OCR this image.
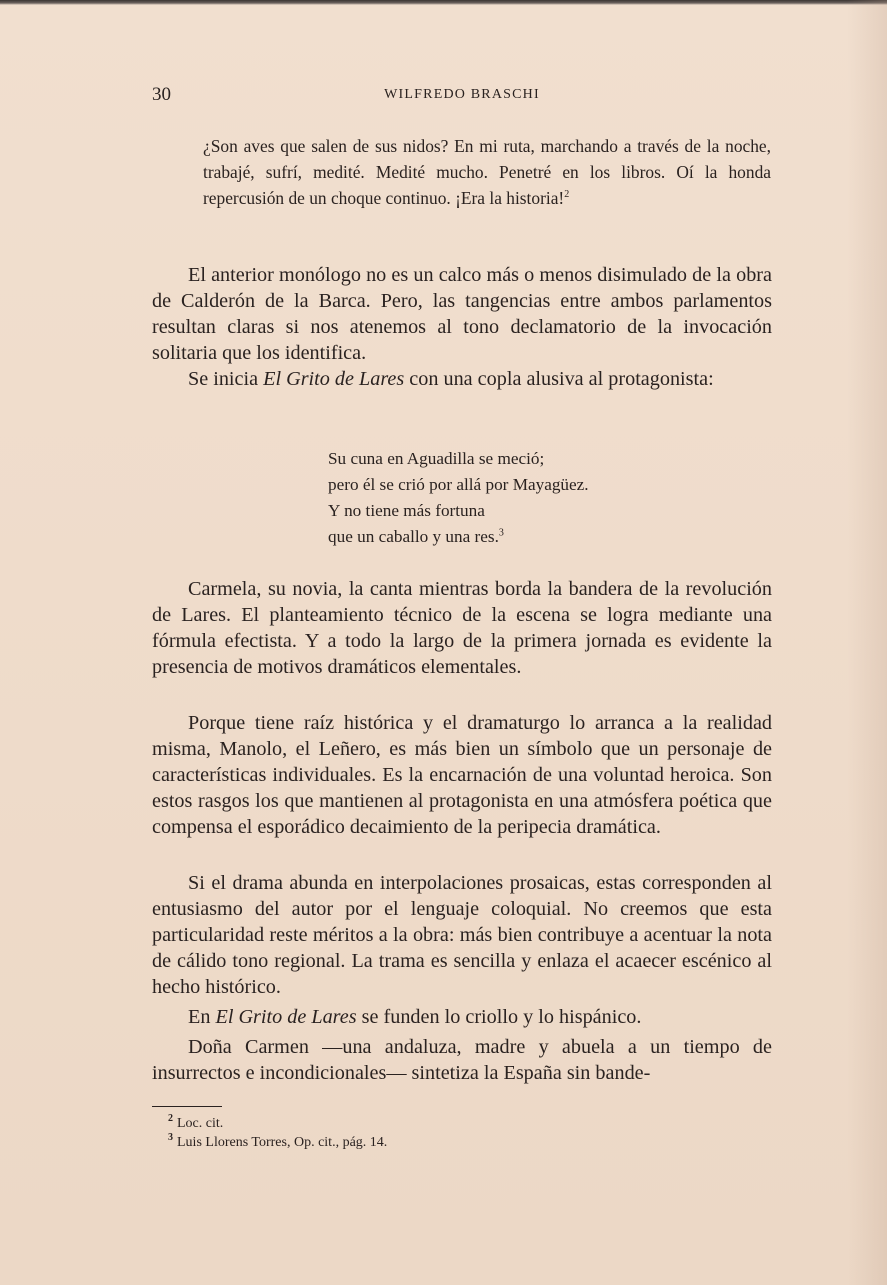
30	WILFREDO BRASCHI
¿Son aves que salen de sus nidos? En mi ruta, marchando a través de la noche, trabajé, sufrí, medité. Medité mucho. Penetré en los libros. Oí la honda repercusión de un choque continuo. ¡Era la historia!$^2$

El anterior monólogo no es un calco más o menos disimulado de la obra de Calderón de la Barca. Pero, las tangencias entre ambos parlamentos resultan claras si nos atenemos al tono declamatorio de la invocación solitaria que los identifica.

Se inicia El Grito de Lares con una copla alusiva al protagonista:

Su cuna en Aguadilla se meció;
pero él se crió por allá por Mayagüez.
Y no tiene más fortuna
que un caballo y una res.$^3$

Carmela, su novia, la canta mientras borda la bandera de la revolución de Lares. El planteamiento técnico de la escena se logra mediante una fórmula efectista. Y a todo la largo de la primera jornada es evidente la presencia de motivos dramáticos elementales.

Porque tiene raíz histórica y el dramaturgo lo arranca a la realidad misma, Manolo, el Leñero, es más bien un símbolo que un personaje de características individuales. Es la encarnación de una voluntad heroica. Son estos rasgos los que mantienen al protagonista en una atmósfera poética que compensa el esporádico decaimiento de la peripecia dramática.

Si el drama abunda en interpolaciones prosaicas, estas corresponden al entusiasmo del autor por el lenguaje coloquial. No creemos que esta particularidad reste méritos a la obra: más bien contribuye a acentuar la nota de cálido tono regional. La trama es sencilla y enlaza el acaecer escénico al hecho histórico.

En El Grito de Lares se funden lo criollo y lo hispánico.

Doña Carmen —una andaluza, madre y abuela a un tiempo de insurrectos e incondicionales— sintetiza la España sin bande-

$^2$ Loc. cit.
$^3$ Luis Llorens Torres, Op. cit., pág. 14.
